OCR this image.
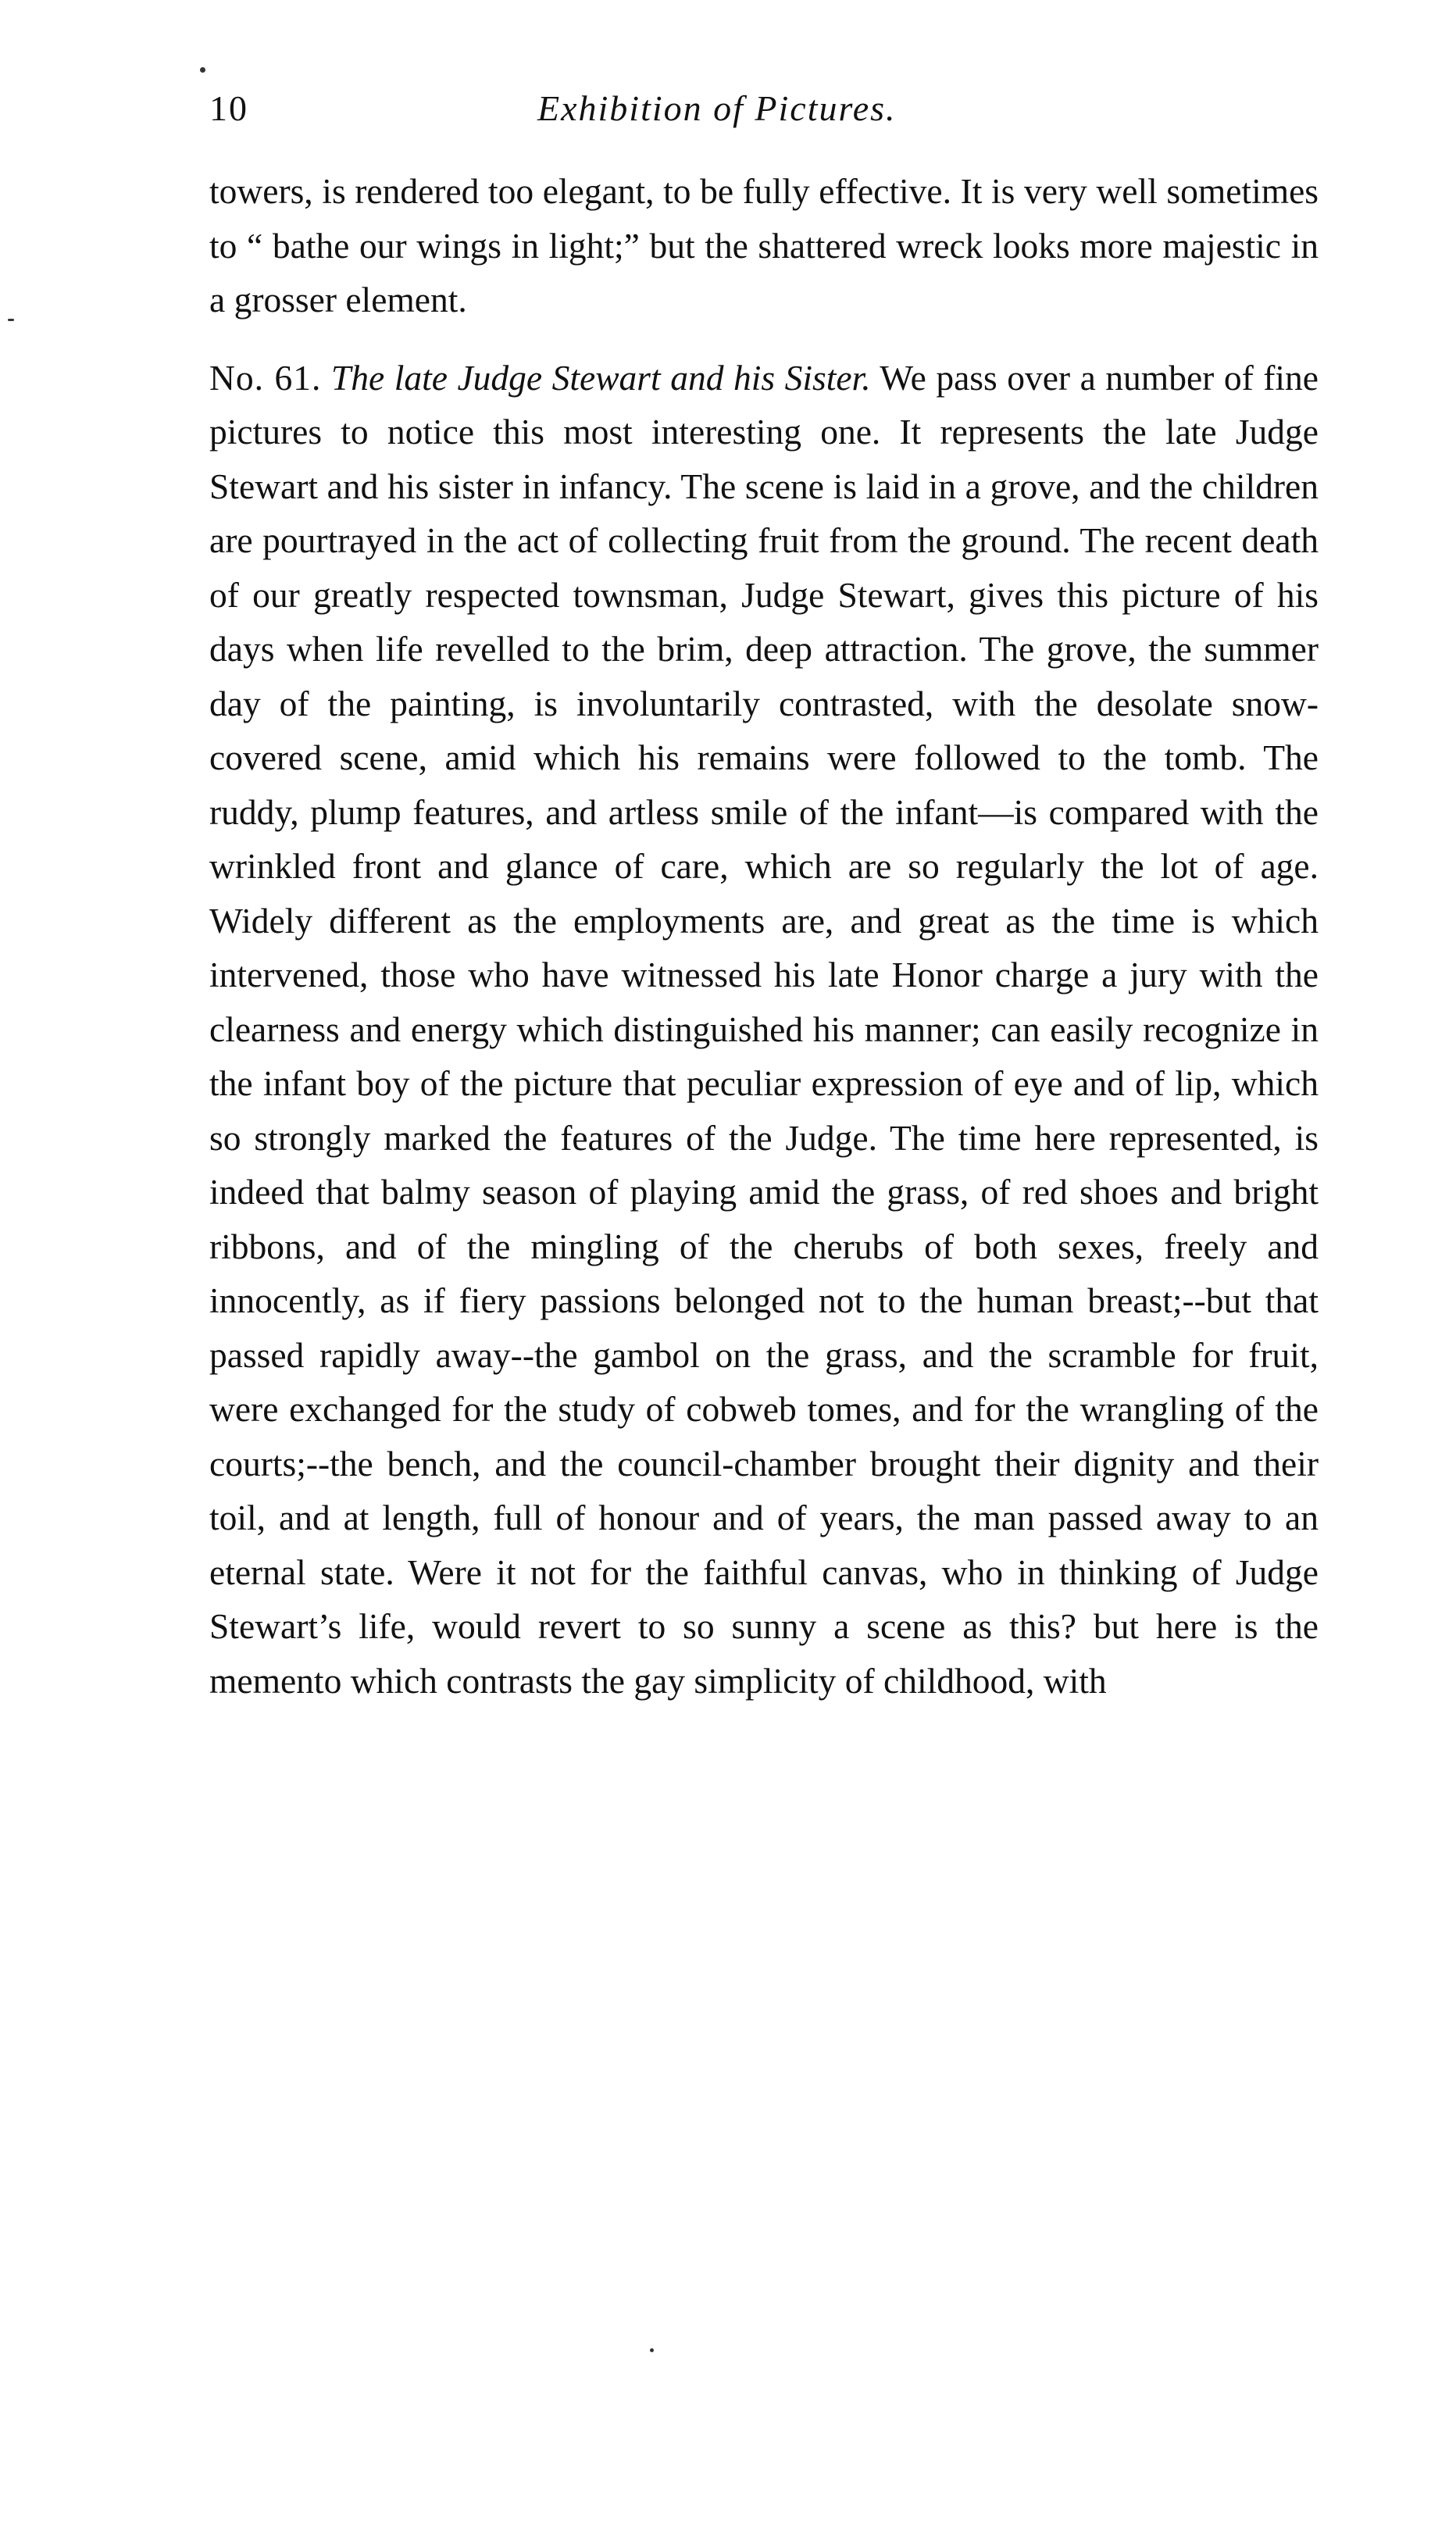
10	Exhibition of Pictures.

towers, is rendered too elegant, to be fully effective. It is very well sometimes to “ bathe our wings in light;” but the shattered wreck looks more majestic in a grosser element.

No. 61. The late Judge Stewart and his Sister. We pass over a number of fine pictures to notice this most interesting one. It represents the late Judge Stewart and his sister in infancy. The scene is laid in a grove, and the children are pourtrayed in the act of collecting fruit from the ground. The recent death of our greatly respected townsman, Judge Stewart, gives this picture of his days when life revelled to the brim, deep attraction. The grove, the summer day of the painting, is involuntarily contrasted, with the desolate snow-covered scene, amid which his remains were followed to the tomb. The ruddy, plump features, and artless smile of the infant—is compared with the wrinkled front and glance of care, which are so regularly the lot of age. Widely different as the employments are, and great as the time is which intervened, those who have witnessed his late Honor charge a jury with the clearness and energy which distinguished his manner; can easily recognize in the infant boy of the picture that peculiar expression of eye and of lip, which so strongly marked the features of the Judge. The time here represented, is indeed that balmy season of playing amid the grass, of red shoes and bright ribbons, and of the mingling of the cherubs of both sexes, freely and innocently, as if fiery passions belonged not to the human breast;--but that passed rapidly away--the gambol on the grass, and the scramble for fruit, were exchanged for the study of cobweb tomes, and for the wrangling of the courts;--the bench, and the council-chamber brought their dignity and their toil, and at length, full of honour and of years, the man passed away to an eternal state. Were it not for the faithful canvas, who in thinking of Judge Stewart’s life, would revert to so sunny a scene as this? but here is the memento which contrasts the gay simplicity of childhood, with
